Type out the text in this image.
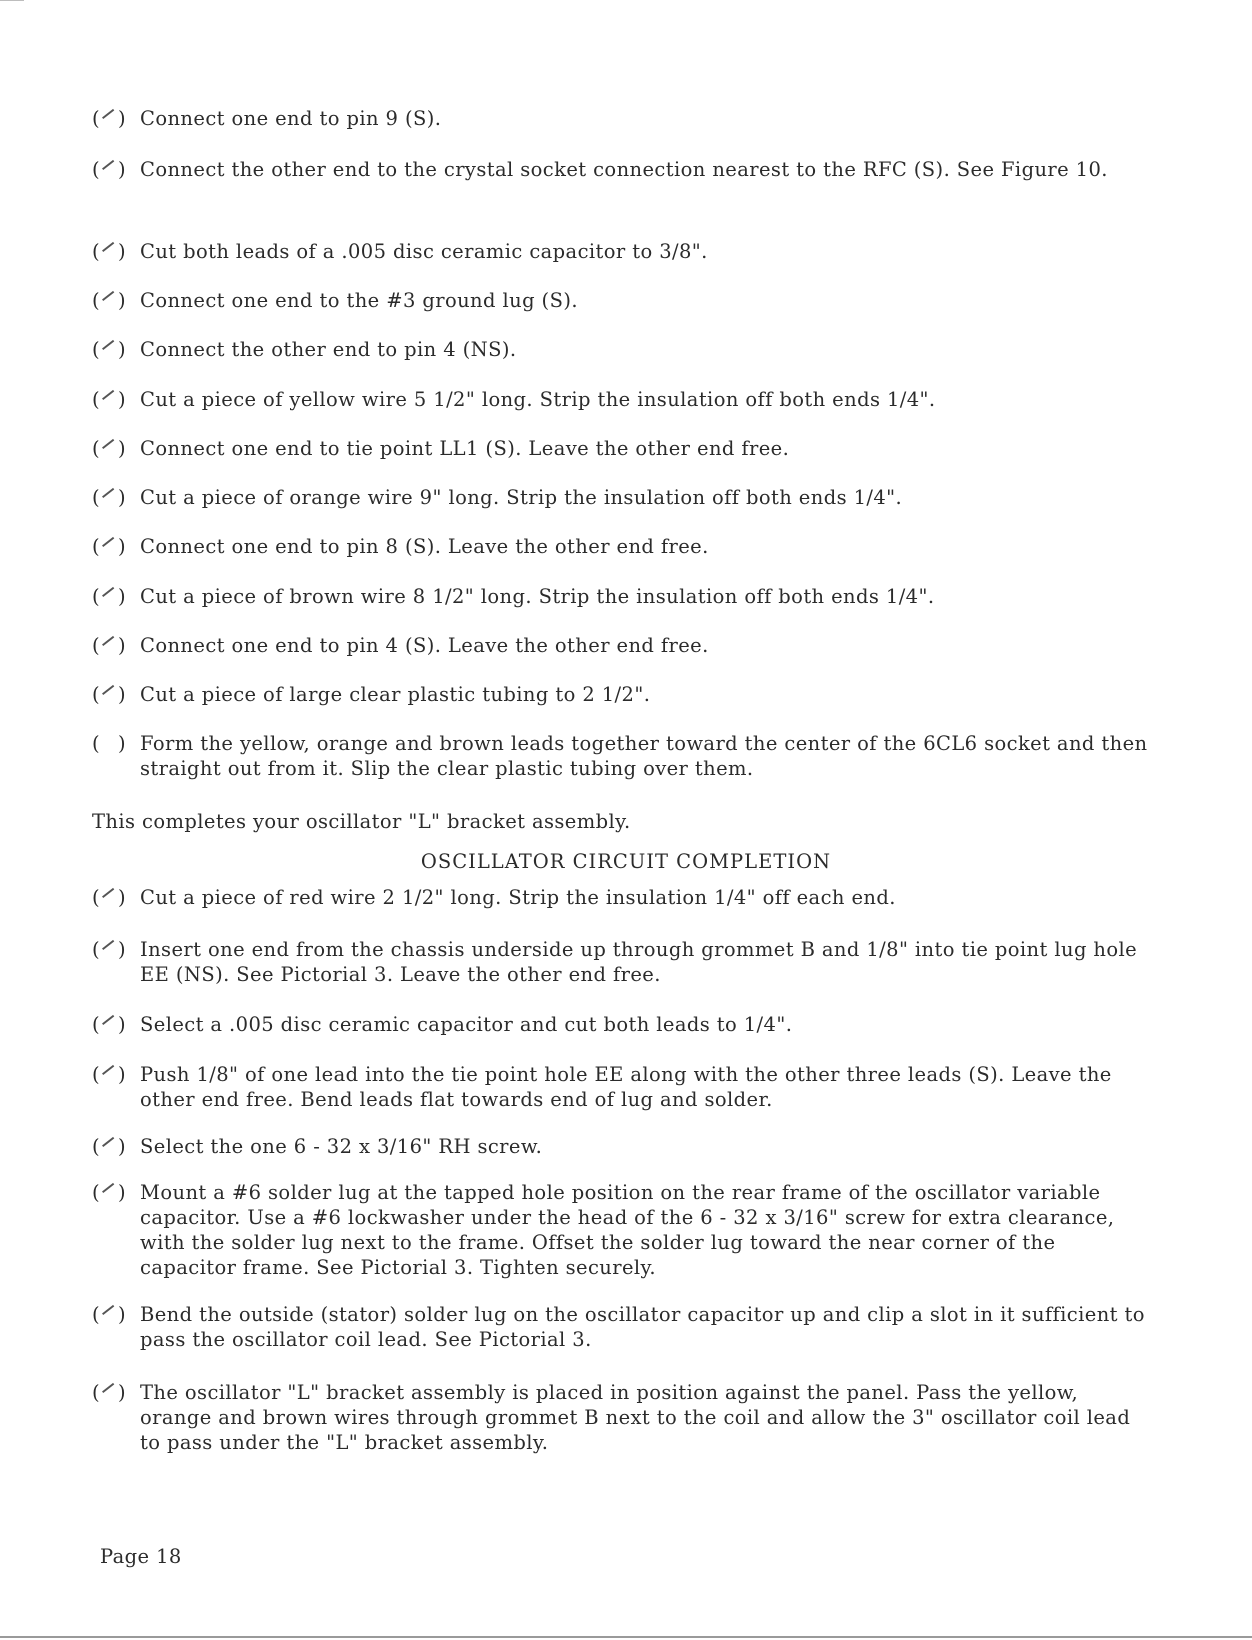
( ) Connect one end to pin 9 (S).
( ) Connect the other end to the crystal socket connection nearest to the RFC (S). See Figure 10.
( ) Cut both leads of a .005 disc ceramic capacitor to 3/8".
( ) Connect one end to the #3 ground lug (S).
( ) Connect the other end to pin 4 (NS).
( ) Cut a piece of yellow wire 5 1/2" long. Strip the insulation off both ends 1/4".
( ) Connect one end to tie point LL1 (S). Leave the other end free.
( ) Cut a piece of orange wire 9" long. Strip the insulation off both ends 1/4".
( ) Connect one end to pin 8 (S). Leave the other end free.
( ) Cut a piece of brown wire 8 1/2" long. Strip the insulation off both ends 1/4".
( ) Connect one end to pin 4 (S). Leave the other end free.
( ) Cut a piece of large clear plastic tubing to 2 1/2".
( ) Form the yellow, orange and brown leads together toward the center of the 6CL6 socket and then straight out from it. Slip the clear plastic tubing over them.
This completes your oscillator "L" bracket assembly.
OSCILLATOR CIRCUIT COMPLETION
( ) Cut a piece of red wire 2 1/2" long. Strip the insulation 1/4" off each end.
( ) Insert one end from the chassis underside up through grommet B and 1/8" into tie point lug hole EE (NS). See Pictorial 3. Leave the other end free.
( ) Select a .005 disc ceramic capacitor and cut both leads to 1/4".
( ) Push 1/8" of one lead into the tie point hole EE along with the other three leads (S). Leave the other end free. Bend leads flat towards end of lug and solder.
( ) Select the one 6 - 32 x 3/16" RH screw.
( ) Mount a #6 solder lug at the tapped hole position on the rear frame of the oscillator variable capacitor. Use a #6 lockwasher under the head of the 6 - 32 x 3/16" screw for extra clearance, with the solder lug next to the frame. Offset the solder lug toward the near corner of the capacitor frame. See Pictorial 3. Tighten securely.
( ) Bend the outside (stator) solder lug on the oscillator capacitor up and clip a slot in it sufficient to pass the oscillator coil lead. See Pictorial 3.
( ) The oscillator "L" bracket assembly is placed in position against the panel. Pass the yellow, orange and brown wires through grommet B next to the coil and allow the 3" oscillator coil lead to pass under the "L" bracket assembly.
Page 18
